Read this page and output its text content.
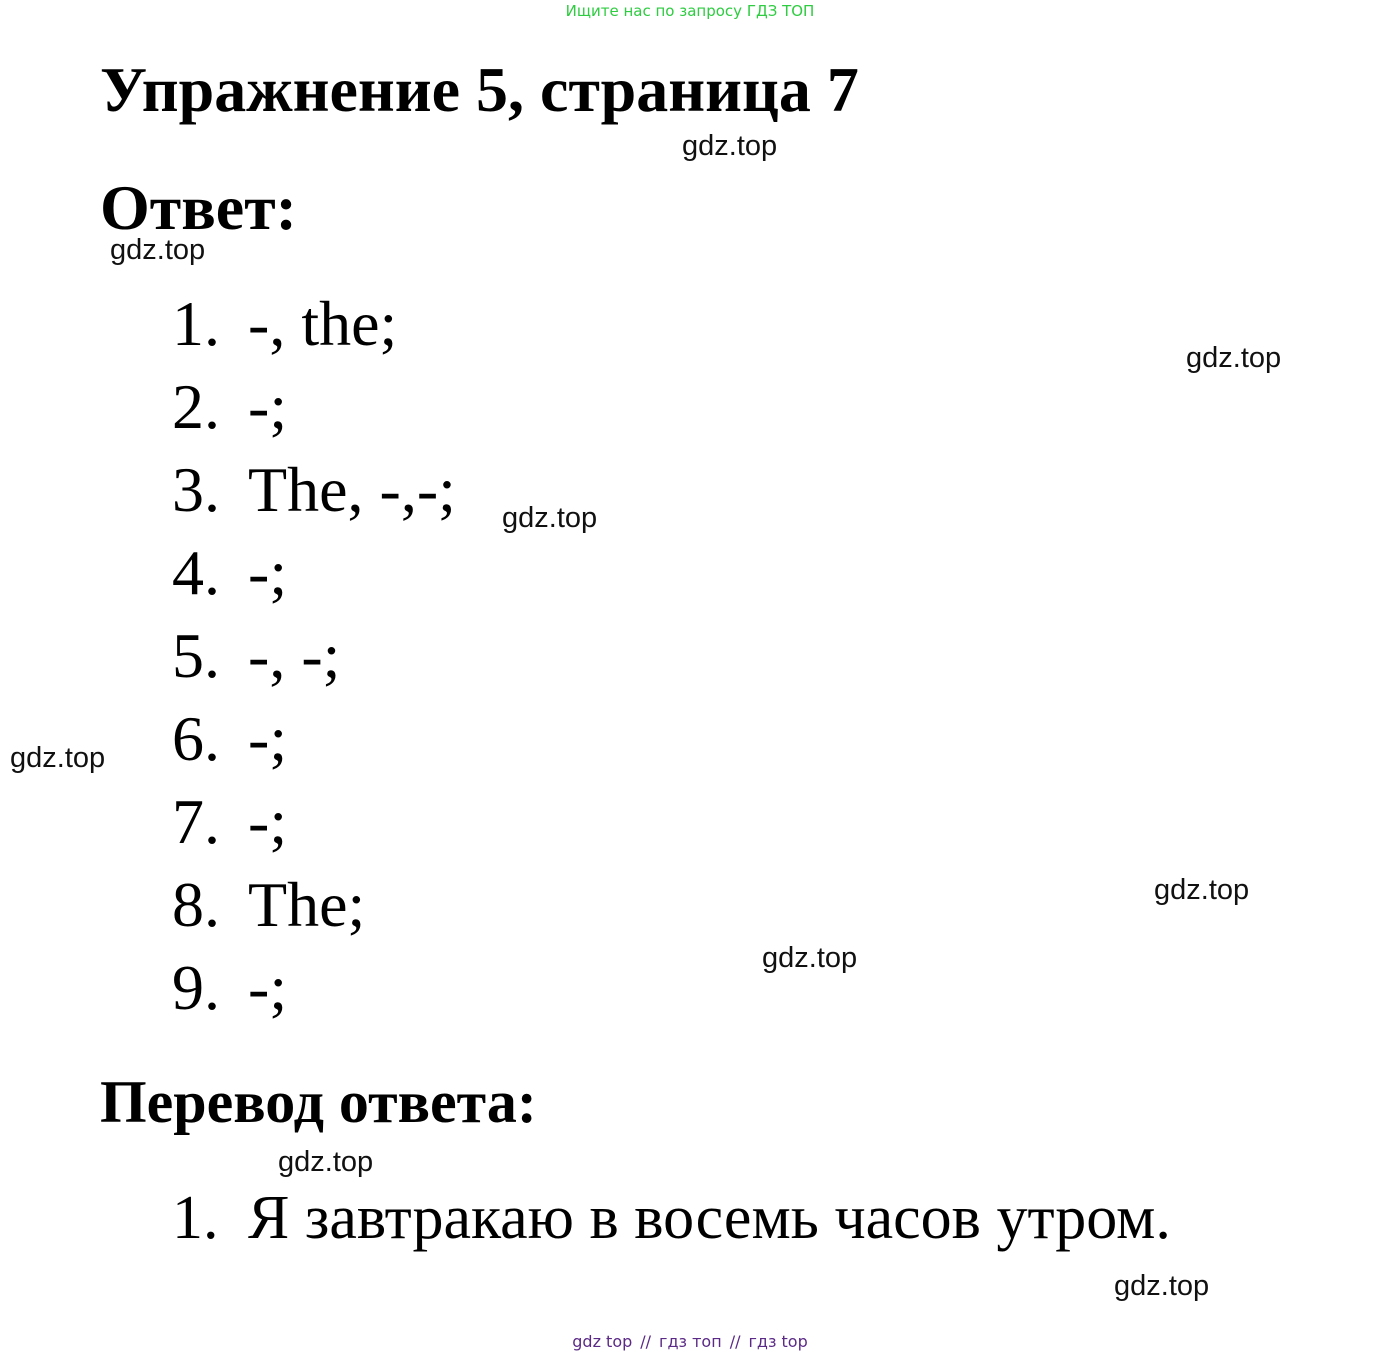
Ищите нас по запросу ГДЗ ТОП
Упражнение 5, страница 7
gdz.top
Ответ:
gdz.top
gdz.top
gdz.top
gdz.top
gdz.top
gdz.top
1. -, the;
2. -;
3. The, -,-;
4. -;
5. -, -;
6. -;
7. -;
8. The;
9. -;
Перевод ответа:
gdz.top
1. Я завтракаю в восемь часов утром.
gdz.top
gdz top // гдз топ // гдз top
